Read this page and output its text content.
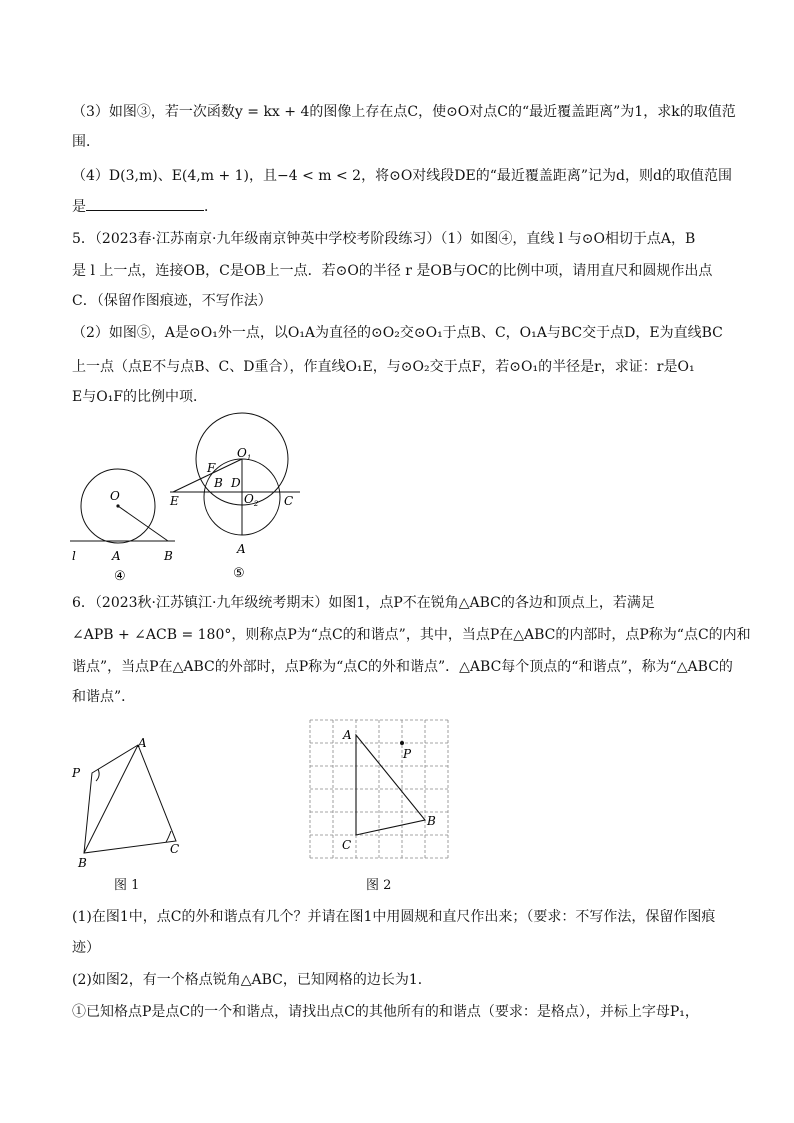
（3）如图③，若一次函数y = kx + 4的图像上存在点C，使⊙O对点C的“最近覆盖距离”为1，求k的取值范

围．

（4）D(3,m)、E(4,m + 1)，且−4 < m < 2，将⊙O对线段DE的“最近覆盖距离”记为d，则d的取值范围

是	．

5．（2023春·江苏南京·九年级南京钟英中学校考阶段练习）（1）如图④，直线 l 与⊙O相切于点A，B

是 l 上一点，连接OB，C是OB上一点．若⊙O的半径 r 是OB与OC的比例中项，请用直尺和圆规作出点

C．（保留作图痕迹，不写作法）

（2）如图⑤，A是⊙O₁外一点，以O₁A为直径的⊙O₂交⊙O₁于点B、C，O₁A与BC交于点D，E为直线BC

上一点（点E不与点B、C、D重合），作直线O₁E，与⊙O₂交于点F，若⊙O₁的半径是r，求证：r是O₁

E与O₁F的比例中项．

O
l	A	B
④
$O_1$
$O_2$
F
B D
E	C
A
⑤

6．（2023秋·江苏镇江·九年级统考期末）如图1，点P不在锐角△ABC的各边和顶点上，若满足

∠APB + ∠ACB = 180°，则称点P为“点C的和谐点”，其中，当点P在△ABC的内部时，点P称为“点C的内和

谐点”，当点P在△ABC的外部时，点P称为“点C的外和谐点”．△ABC每个顶点的“和谐点”，称为“△ABC的

和谐点”．

A
P
B
C
图 1
A
P
B
C
图 2

(1)在图1中，点C的外和谐点有几个？并请在图1中用圆规和直尺作出来；（要求：不写作法，保留作图痕

迹）

(2)如图2，有一个格点锐角△ABC，已知网格的边长为1．

①已知格点P是点C的一个和谐点，请找出点C的其他所有的和谐点（要求：是格点），并标上字母P₁，
